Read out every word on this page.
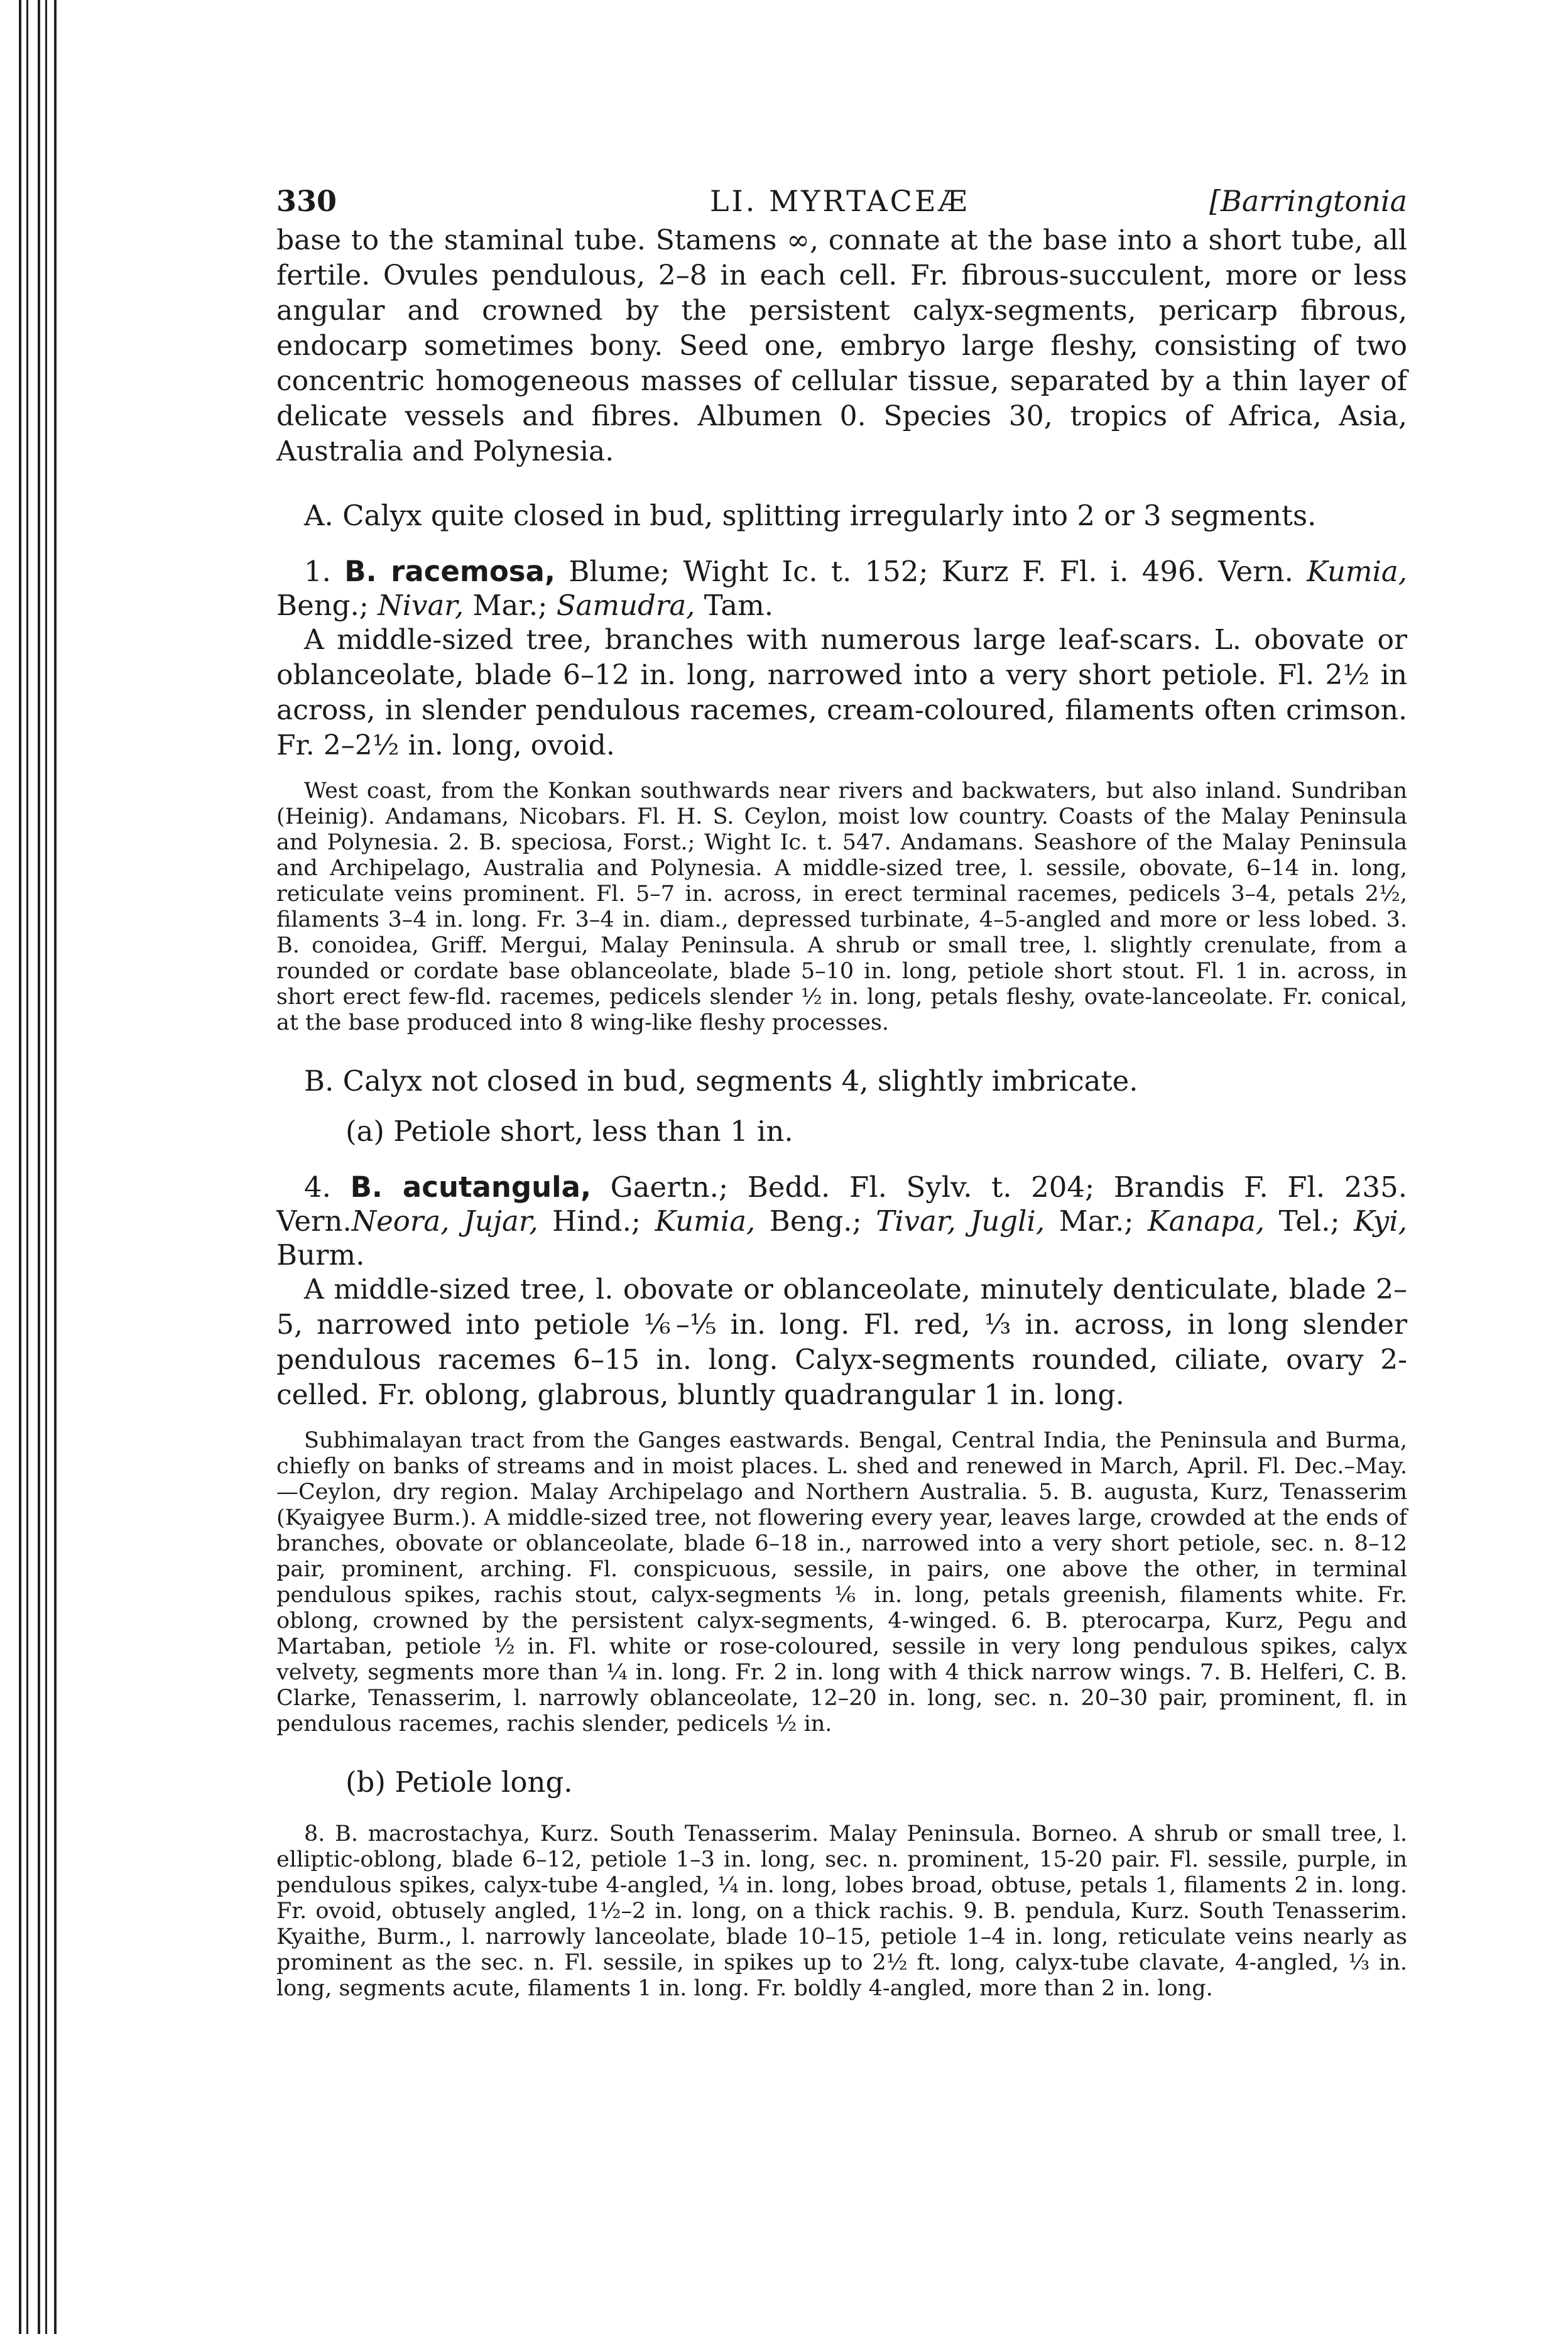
330	LI. MYRTACEÆ	[Barringtonia

base to the staminal tube. Stamens ∞, connate at the base into a short tube, all fertile. Ovules pendulous, 2–8 in each cell. Fr. fibrous-succulent, more or less angular and crowned by the persistent calyx-segments, pericarp fibrous, endocarp sometimes bony. Seed one, embryo large fleshy, consisting of two concentric homogeneous masses of cellular tissue, separated by a thin layer of delicate vessels and fibres. Albumen 0. Species 30, tropics of Africa, Asia, Australia and Polynesia.

A. Calyx quite closed in bud, splitting irregularly into 2 or 3 segments.

1. B. racemosa, Blume; Wight Ic. t. 152; Kurz F. Fl. i. 496. Vern. Kumia, Beng.; Nivar, Mar.; Samudra, Tam.

A middle-sized tree, branches with numerous large leaf-scars. L. obovate or oblanceolate, blade 6–12 in. long, narrowed into a very short petiole. Fl. 2½ in across, in slender pendulous racemes, cream-coloured, filaments often crimson. Fr. 2–2½ in. long, ovoid.

West coast, from the Konkan southwards near rivers and backwaters, but also inland. Sundriban (Heinig). Andamans, Nicobars. Fl. H. S. Ceylon, moist low country. Coasts of the Malay Peninsula and Polynesia. 2. B. speciosa, Forst.; Wight Ic. t. 547. Andamans. Seashore of the Malay Peninsula and Archipelago, Australia and Polynesia. A middle-sized tree, l. sessile, obovate, 6–14 in. long, reticulate veins prominent. Fl. 5–7 in. across, in erect terminal racemes, pedicels 3–4, petals 2½, filaments 3–4 in. long. Fr. 3–4 in. diam., depressed turbinate, 4–5-angled and more or less lobed. 3. B. conoidea, Griff. Mergui, Malay Peninsula. A shrub or small tree, l. slightly crenulate, from a rounded or cordate base oblanceolate, blade 5–10 in. long, petiole short stout. Fl. 1 in. across, in short erect few-fld. racemes, pedicels slender ½ in. long, petals fleshy, ovate-lanceolate. Fr. conical, at the base produced into 8 wing-like fleshy processes.

B. Calyx not closed in bud, segments 4, slightly imbricate.

(a) Petiole short, less than 1 in.

4. B. acutangula, Gaertn.; Bedd. Fl. Sylv. t. 204; Brandis F. Fl. 235. Vern.Neora, Jujar, Hind.; Kumia, Beng.; Tivar, Jugli, Mar.; Kanapa, Tel.; Kyi, Burm.

A middle-sized tree, l. obovate or oblanceolate, minutely denticulate, blade 2–5, narrowed into petiole ⅙–⅕ in. long. Fl. red, ⅓ in. across, in long slender pendulous racemes 6–15 in. long. Calyx-segments rounded, ciliate, ovary 2-celled. Fr. oblong, glabrous, bluntly quadrangular 1 in. long.

Subhimalayan tract from the Ganges eastwards. Bengal, Central India, the Peninsula and Burma, chiefly on banks of streams and in moist places. L. shed and renewed in March, April. Fl. Dec.–May.—Ceylon, dry region. Malay Archipelago and Northern Australia. 5. B. augusta, Kurz, Tenasserim (Kyaigyee Burm.). A middle-sized tree, not flowering every year, leaves large, crowded at the ends of branches, obovate or oblanceolate, blade 6–18 in., narrowed into a very short petiole, sec. n. 8–12 pair, prominent, arching. Fl. conspicuous, sessile, in pairs, one above the other, in terminal pendulous spikes, rachis stout, calyx-segments ⅙ in. long, petals greenish, filaments white. Fr. oblong, crowned by the persistent calyx-segments, 4-winged. 6. B. pterocarpa, Kurz, Pegu and Martaban, petiole ½ in. Fl. white or rose-coloured, sessile in very long pendulous spikes, calyx velvety, segments more than ¼ in. long. Fr. 2 in. long with 4 thick narrow wings. 7. B. Helferi, C. B. Clarke, Tenasserim, l. narrowly oblanceolate, 12–20 in. long, sec. n. 20–30 pair, prominent, fl. in pendulous racemes, rachis slender, pedicels ½ in.

(b) Petiole long.

8. B. macrostachya, Kurz. South Tenasserim. Malay Peninsula. Borneo. A shrub or small tree, l. elliptic-oblong, blade 6–12, petiole 1–3 in. long, sec. n. prominent, 15-20 pair. Fl. sessile, purple, in pendulous spikes, calyx-tube 4-angled, ¼ in. long, lobes broad, obtuse, petals 1, filaments 2 in. long. Fr. ovoid, obtusely angled, 1½–2 in. long, on a thick rachis. 9. B. pendula, Kurz. South Tenasserim. Kyaithe, Burm., l. narrowly lanceolate, blade 10–15, petiole 1–4 in. long, reticulate veins nearly as prominent as the sec. n. Fl. sessile, in spikes up to 2½ ft. long, calyx-tube clavate, 4-angled, ⅓ in. long, segments acute, filaments 1 in. long. Fr. boldly 4-angled, more than 2 in. long.
